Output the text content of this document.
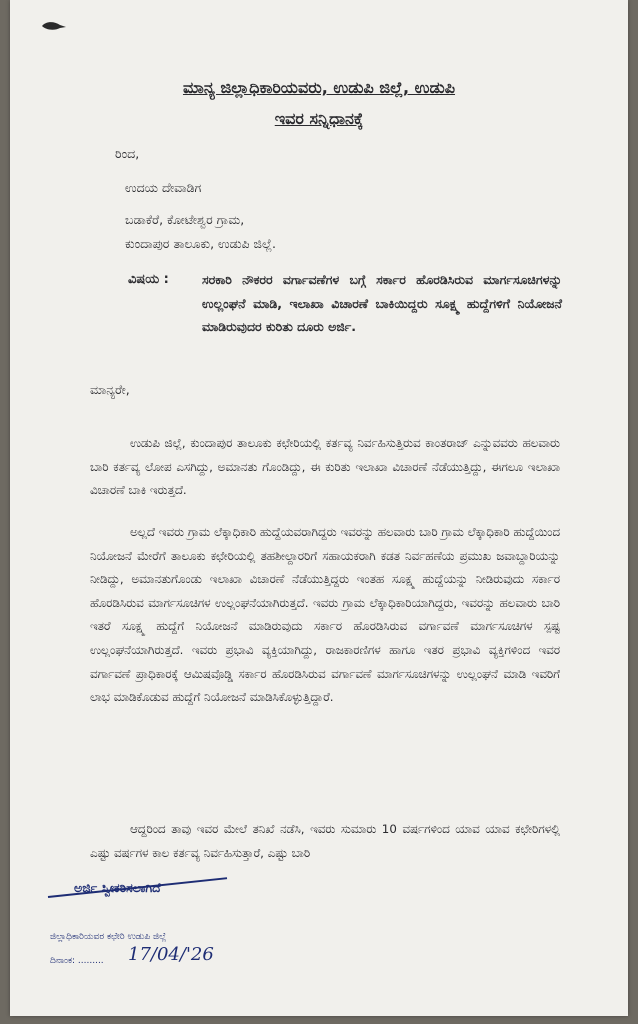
ಮಾನ್ಯ ಜಿಲ್ಲಾಧಿಕಾರಿಯವರು, ಉಡುಪಿ ಜಿಲ್ಲೆ, ಉಡುಪಿ
ಇವರ ಸನ್ನಿಧಾನಕ್ಕೆ
ರಿಂದ,
ಉದಯ ದೇವಾಡಿಗ
ಬಡಾಕೆರೆ, ಕೋಟೇಶ್ವರ ಗ್ರಾಮ,
ಕುಂದಾಪುರ ತಾಲೂಕು, ಉಡುಪಿ ಜಿಲ್ಲೆ.
ವಿಷಯ :	ಸರಕಾರಿ ನೌಕರರ ವರ್ಗಾವಣೆಗಳ ಬಗ್ಗೆ ಸರ್ಕಾರ ಹೊರಡಿಸಿರುವ ಮಾರ್ಗಸೂಚಿಗಳನ್ನು ಉಲ್ಲಂಘನೆ ಮಾಡಿ, ಇಲಾಖಾ ವಿಚಾರಣೆ ಬಾಕಿಯಿದ್ದರು ಸೂಕ್ಷ್ಮ ಹುದ್ದೆಗಳಿಗೆ ನಿಯೋಜನೆ ಮಾಡಿರುವುದರ ಕುರಿತು ದೂರು ಅರ್ಜಿ.
ಮಾನ್ಯರೇ,
ಉಡುಪಿ ಜಿಲ್ಲೆ, ಕುಂದಾಪುರ ತಾಲೂಕು ಕಛೇರಿಯಲ್ಲಿ ಕರ್ತವ್ಯ ನಿರ್ವಹಿಸುತ್ತಿರುವ ಕಾಂತರಾಜ್ ಎನ್ನುವವರು ಹಲವಾರು ಬಾರಿ ಕರ್ತವ್ಯ ಲೋಪ ಎಸಗಿದ್ದು, ಅಮಾನತು ಗೊಂಡಿದ್ದು, ಈ ಕುರಿತು ಇಲಾಖಾ ವಿಚಾರಣೆ ನೆಡೆಯುತ್ತಿದ್ದು, ಈಗಲೂ ಇಲಾಖಾ ವಿಚಾರಣೆ ಬಾಕಿ ಇರುತ್ತದೆ.
ಅಲ್ಲದೆ ಇವರು ಗ್ರಾಮ ಲೆಕ್ಕಾಧಿಕಾರಿ ಹುದ್ದೆಯವರಾಗಿದ್ದರು ಇವರನ್ನು ಹಲವಾರು ಬಾರಿ ಗ್ರಾಮ ಲೆಕ್ಕಾಧಿಕಾರಿ ಹುದ್ದೆಯಿಂದ ನಿಯೋಜನೆ ಮೇರೆಗೆ ತಾಲೂಕು ಕಛೇರಿಯಲ್ಲಿ ತಹಶೀಲ್ದಾರರಿಗೆ ಸಹಾಯಕರಾಗಿ ಕಡತ ನಿರ್ವಹಣೆಯ ಪ್ರಮುಖ ಜವಾಬ್ದಾರಿಯನ್ನು ನೀಡಿದ್ದು, ಅಮಾನತುಗೊಂಡು ಇಲಾಖಾ ವಿಚಾರಣೆ ನೆಡೆಯುತ್ತಿದ್ದರು ಇಂತಹ ಸೂಕ್ಷ್ಮ ಹುದ್ದೆಯನ್ನು ನೀಡಿರುವುದು ಸರ್ಕಾರ ಹೊರಡಿಸಿರುವ ಮಾರ್ಗಸೂಚಿಗಳ ಉಲ್ಲಂಘನೆಯಾಗಿರುತ್ತದೆ. ಇವರು ಗ್ರಾಮ ಲೆಕ್ಕಾಧಿಕಾರಿಯಾಗಿದ್ದರು, ಇವರನ್ನು ಹಲವಾರು ಬಾರಿ ಇತರೆ ಸೂಕ್ಷ್ಮ ಹುದ್ದೆಗೆ ನಿಯೋಜನೆ ಮಾಡಿರುವುದು ಸರ್ಕಾರ ಹೊರಡಿಸಿರುವ ವರ್ಗಾವಣೆ ಮಾರ್ಗಸೂಚಿಗಳ ಸ್ಪಷ್ಟ ಉಲ್ಲಂಘನೆಯಾಗಿರುತ್ತದೆ. ಇವರು ಪ್ರಭಾವಿ ವ್ಯಕ್ತಿಯಾಗಿದ್ದು, ರಾಜಕಾರಣಿಗಳ ಹಾಗೂ ಇತರ ಪ್ರಭಾವಿ ವ್ಯಕ್ತಿಗಳಿಂದ ಇವರ ವರ್ಗಾವಣೆ ಪ್ರಾಧಿಕಾರಕ್ಕೆ ಆಮಿಷವೊಡ್ಡಿ ಸರ್ಕಾರ ಹೊರಡಿಸಿರುವ ವರ್ಗಾವಣೆ ಮಾರ್ಗಸೂಚಿಗಳನ್ನು ಉಲ್ಲಂಘನೆ ಮಾಡಿ ಇವರಿಗೆ ಲಾಭ ಮಾಡಿಕೊಡುವ ಹುದ್ದೆಗೆ ನಿಯೋಜನೆ ಮಾಡಿಸಿಕೊಳ್ಳುತ್ತಿದ್ದಾರೆ.
ಆದ್ದರಿಂದ ತಾವು ಇವರ ಮೇಲೆ ತನಿಖೆ ನಡೆಸಿ, ಇವರು ಸುಮಾರು 10 ವರ್ಷಗಳಿಂದ ಯಾವ ಯಾವ ಕಛೇರಿಗಳಲ್ಲಿ ಎಷ್ಟು ವರ್ಷಗಳ ಕಾಲ ಕರ್ತವ್ಯ ನಿರ್ವಹಿಸುತ್ತಾರೆ, ಎಷ್ಟು ಬಾರಿ
ಅರ್ಜಿ ಸ್ವೀಕರಿಸಲಾಗಿದೆ
ಜಿಲ್ಲಾಧಿಕಾರಿಯವರ ಕಛೇರಿ ಉಡುಪಿ ಜಿಲ್ಲೆ
ದಿನಾಂಕ: ......... 17/04/'26
